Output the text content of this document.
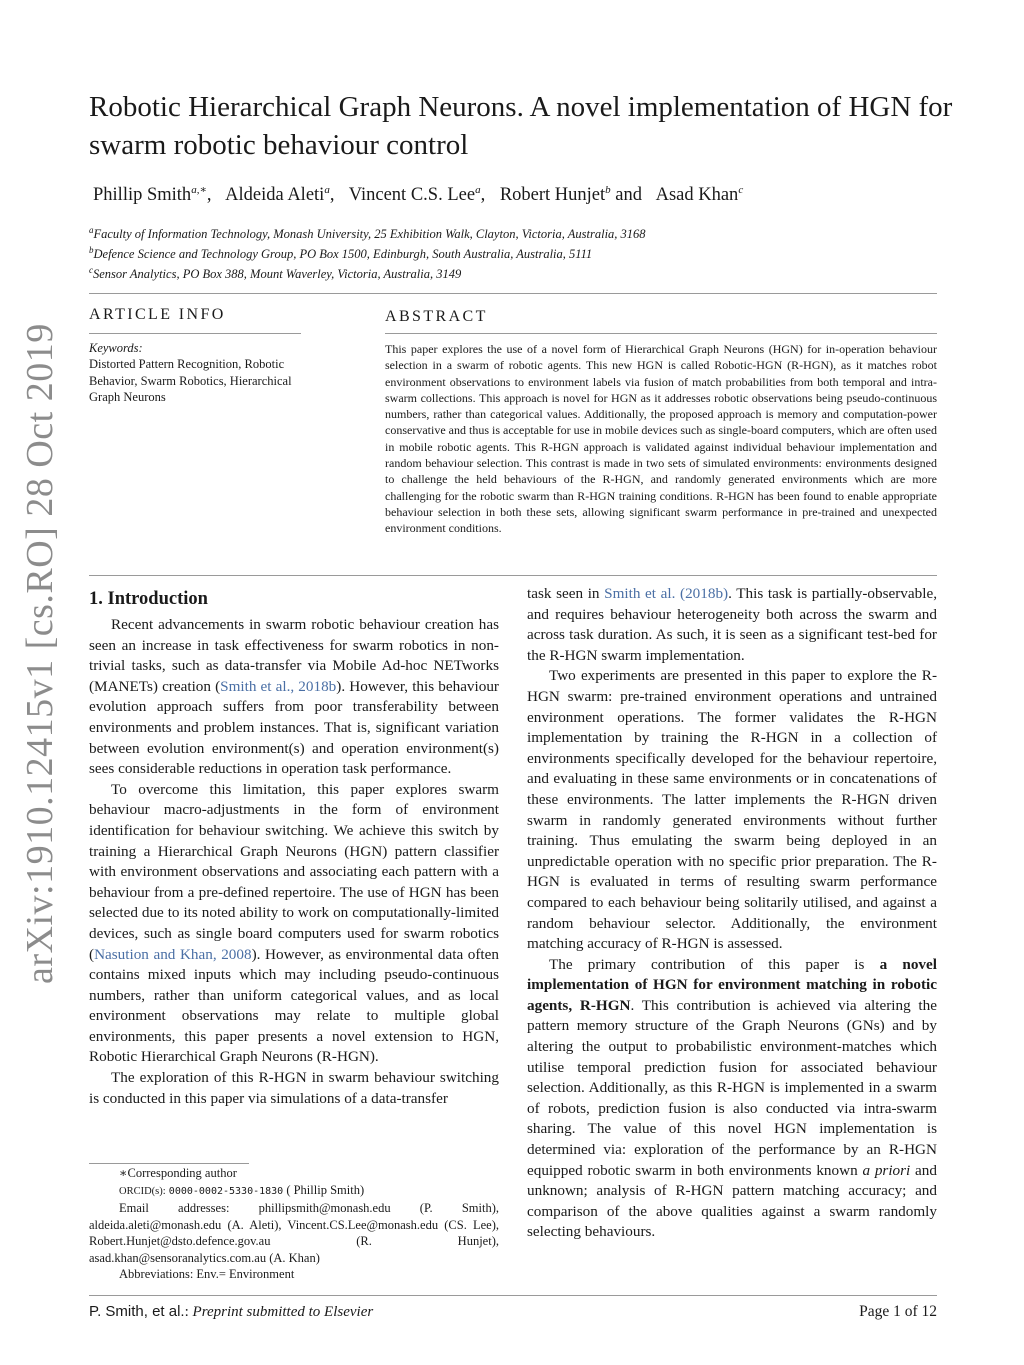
arXiv:1910.12415v1 [cs.RO] 28 Oct 2019
Robotic Hierarchical Graph Neurons. A novel implementation of HGN for swarm robotic behaviour control
Phillip Smith$^{a,∗}$, Aldeida Aleti$^a$, Vincent C.S. Lee$^a$, Robert Hunjet$^b$ and Asad Khan$^c$
$^a$Faculty of Information Technology, Monash University, 25 Exhibition Walk, Clayton, Victoria, Australia, 3168
$^b$Defence Science and Technology Group, PO Box 1500, Edinburgh, South Australia, Australia, 5111
$^c$Sensor Analytics, PO Box 388, Mount Waverley, Victoria, Australia, 3149
ARTICLE INFO
Keywords:
Distorted Pattern Recognition, Robotic Behavior, Swarm Robotics, Hierarchical Graph Neurons
ABSTRACT
This paper explores the use of a novel form of Hierarchical Graph Neurons (HGN) for in-operation behaviour selection in a swarm of robotic agents. This new HGN is called Robotic-HGN (R-HGN), as it matches robot environment observations to environment labels via fusion of match probabilities from both temporal and intra-swarm collections. This approach is novel for HGN as it addresses robotic observations being pseudo-continuous numbers, rather than categorical values. Additionally, the proposed approach is memory and computation-power conservative and thus is acceptable for use in mobile devices such as single-board computers, which are often used in mobile robotic agents. This R-HGN approach is validated against individual behaviour implementation and random behaviour selection. This contrast is made in two sets of simulated environments: environments designed to challenge the held behaviours of the R-HGN, and randomly generated environments which are more challenging for the robotic swarm than R-HGN training conditions. R-HGN has been found to enable appropriate behaviour selection in both these sets, allowing significant swarm performance in pre-trained and unexpected environment conditions.
1. Introduction

Recent advancements in swarm robotic behaviour creation has seen an increase in task effectiveness for swarm robotics in non-trivial tasks, such as data-transfer via Mobile Ad-hoc NETworks (MANETs) creation (Smith et al., 2018b). However, this behaviour evolution approach suffers from poor transferability between environments and problem instances. That is, significant variation between evolution environment(s) and operation environment(s) sees considerable reductions in operation task performance.

To overcome this limitation, this paper explores swarm behaviour macro-adjustments in the form of environment identification for behaviour switching. We achieve this switch by training a Hierarchical Graph Neurons (HGN) pattern classifier with environment observations and associating each pattern with a behaviour from a pre-defined repertoire. The use of HGN has been selected due to its noted ability to work on computationally-limited devices, such as single board computers used for swarm robotics (Nasution and Khan, 2008). However, as environmental data often contains mixed inputs which may including pseudo-continuous numbers, rather than uniform categorical values, and as local environment observations may relate to multiple global environments, this paper presents a novel extension to HGN, Robotic Hierarchical Graph Neurons (R-HGN).

The exploration of this R-HGN in swarm behaviour switching is conducted in this paper via simulations of a data-transfer

∗Corresponding author
ORCID(s): 0000-0002-5330-1830 ( Phillip Smith)
Email addresses: phillipsmith@monash.edu (P. Smith), aldeida.aleti@monash.edu (A. Aleti), Vincent.CS.Lee@monash.edu (CS. Lee), Robert.Hunjet@dsto.defence.gov.au (R. Hunjet), asad.khan@sensoranalytics.com.au (A. Khan)
Abbreviations: Env.= Environment

task seen in Smith et al. (2018b). This task is partially-observable, and requires behaviour heterogeneity both across the swarm and across task duration. As such, it is seen as a significant test-bed for the R-HGN swarm implementation.

Two experiments are presented in this paper to explore the R-HGN swarm: pre-trained environment operations and untrained environment operations. The former validates the R-HGN implementation by training the R-HGN in a collection of environments specifically developed for the behaviour repertoire, and evaluating in these same environments or in concatenations of these environments. The latter implements the R-HGN driven swarm in randomly generated environments without further training. Thus emulating the swarm being deployed in an unpredictable operation with no specific prior preparation. The R-HGN is evaluated in terms of resulting swarm performance compared to each behaviour being solitarily utilised, and against a random behaviour selector. Additionally, the environment matching accuracy of R-HGN is assessed.

The primary contribution of this paper is a novel implementation of HGN for environment matching in robotic agents, R-HGN. This contribution is achieved via altering the pattern memory structure of the Graph Neurons (GNs) and by altering the output to probabilistic environment-matches which utilise temporal prediction fusion for associated behaviour selection. Additionally, as this R-HGN is implemented in a swarm of robots, prediction fusion is also conducted via intra-swarm sharing. The value of this novel HGN implementation is determined via: exploration of the performance by an R-HGN equipped robotic swarm in both environments known a priori and unknown; analysis of R-HGN pattern matching accuracy; and comparison of the above qualities against a swarm randomly selecting behaviours.

P. Smith, et al.: Preprint submitted to Elsevier	Page 1 of 12
